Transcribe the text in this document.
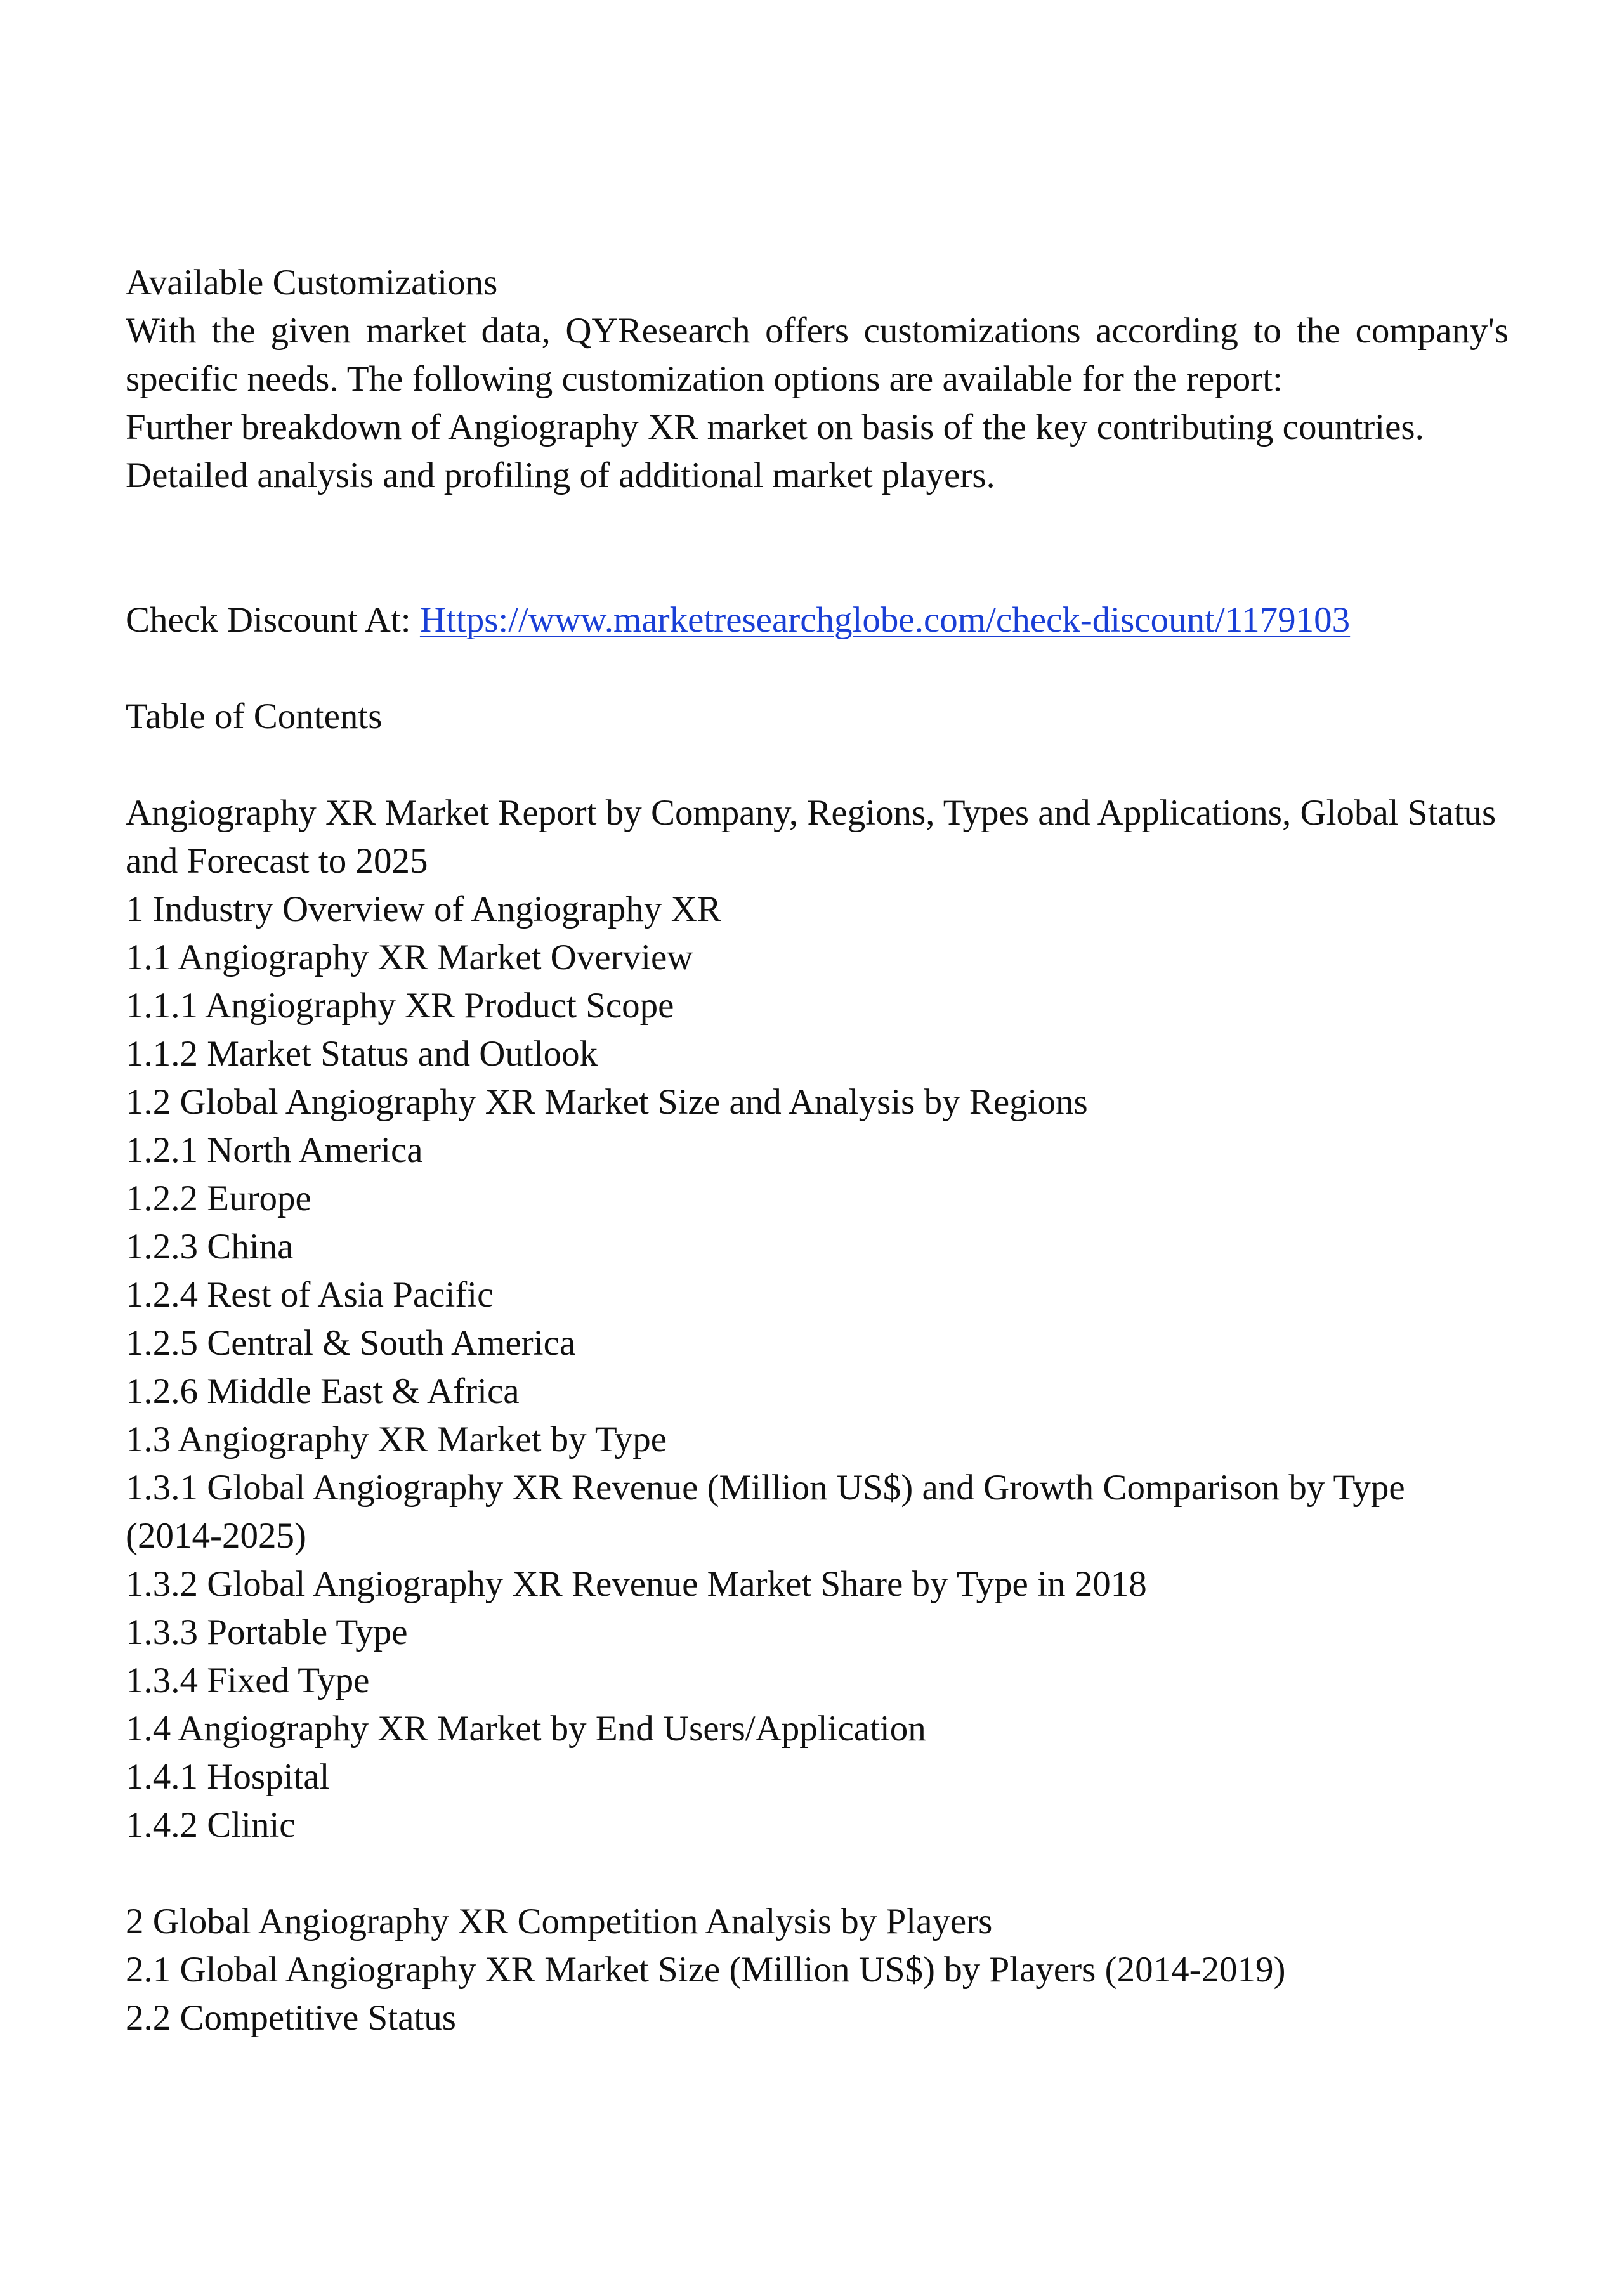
Available Customizations

With the given market data, QYResearch offers customizations according to the company's specific needs. The following customization options are available for the report:

Further breakdown of Angiography XR market on basis of the key contributing countries.

Detailed analysis and profiling of additional market players.

Check Discount At: Https://www.marketresearchglobe.com/check-discount/1179103

Table of Contents

Angiography XR Market Report by Company, Regions, Types and Applications, Global Status and Forecast to 2025

1 Industry Overview of Angiography XR
1.1 Angiography XR Market Overview
1.1.1 Angiography XR Product Scope
1.1.2 Market Status and Outlook
1.2 Global Angiography XR Market Size and Analysis by Regions
1.2.1 North America
1.2.2 Europe
1.2.3 China
1.2.4 Rest of Asia Pacific
1.2.5 Central & South America
1.2.6 Middle East & Africa
1.3 Angiography XR Market by Type
1.3.1 Global Angiography XR Revenue (Million US$) and Growth Comparison by Type (2014-2025)
1.3.2 Global Angiography XR Revenue Market Share by Type in 2018
1.3.3 Portable Type
1.3.4 Fixed Type
1.4 Angiography XR Market by End Users/Application
1.4.1 Hospital
1.4.2 Clinic
2 Global Angiography XR Competition Analysis by Players
2.1 Global Angiography XR Market Size (Million US$) by Players (2014-2019)
2.2 Competitive Status
